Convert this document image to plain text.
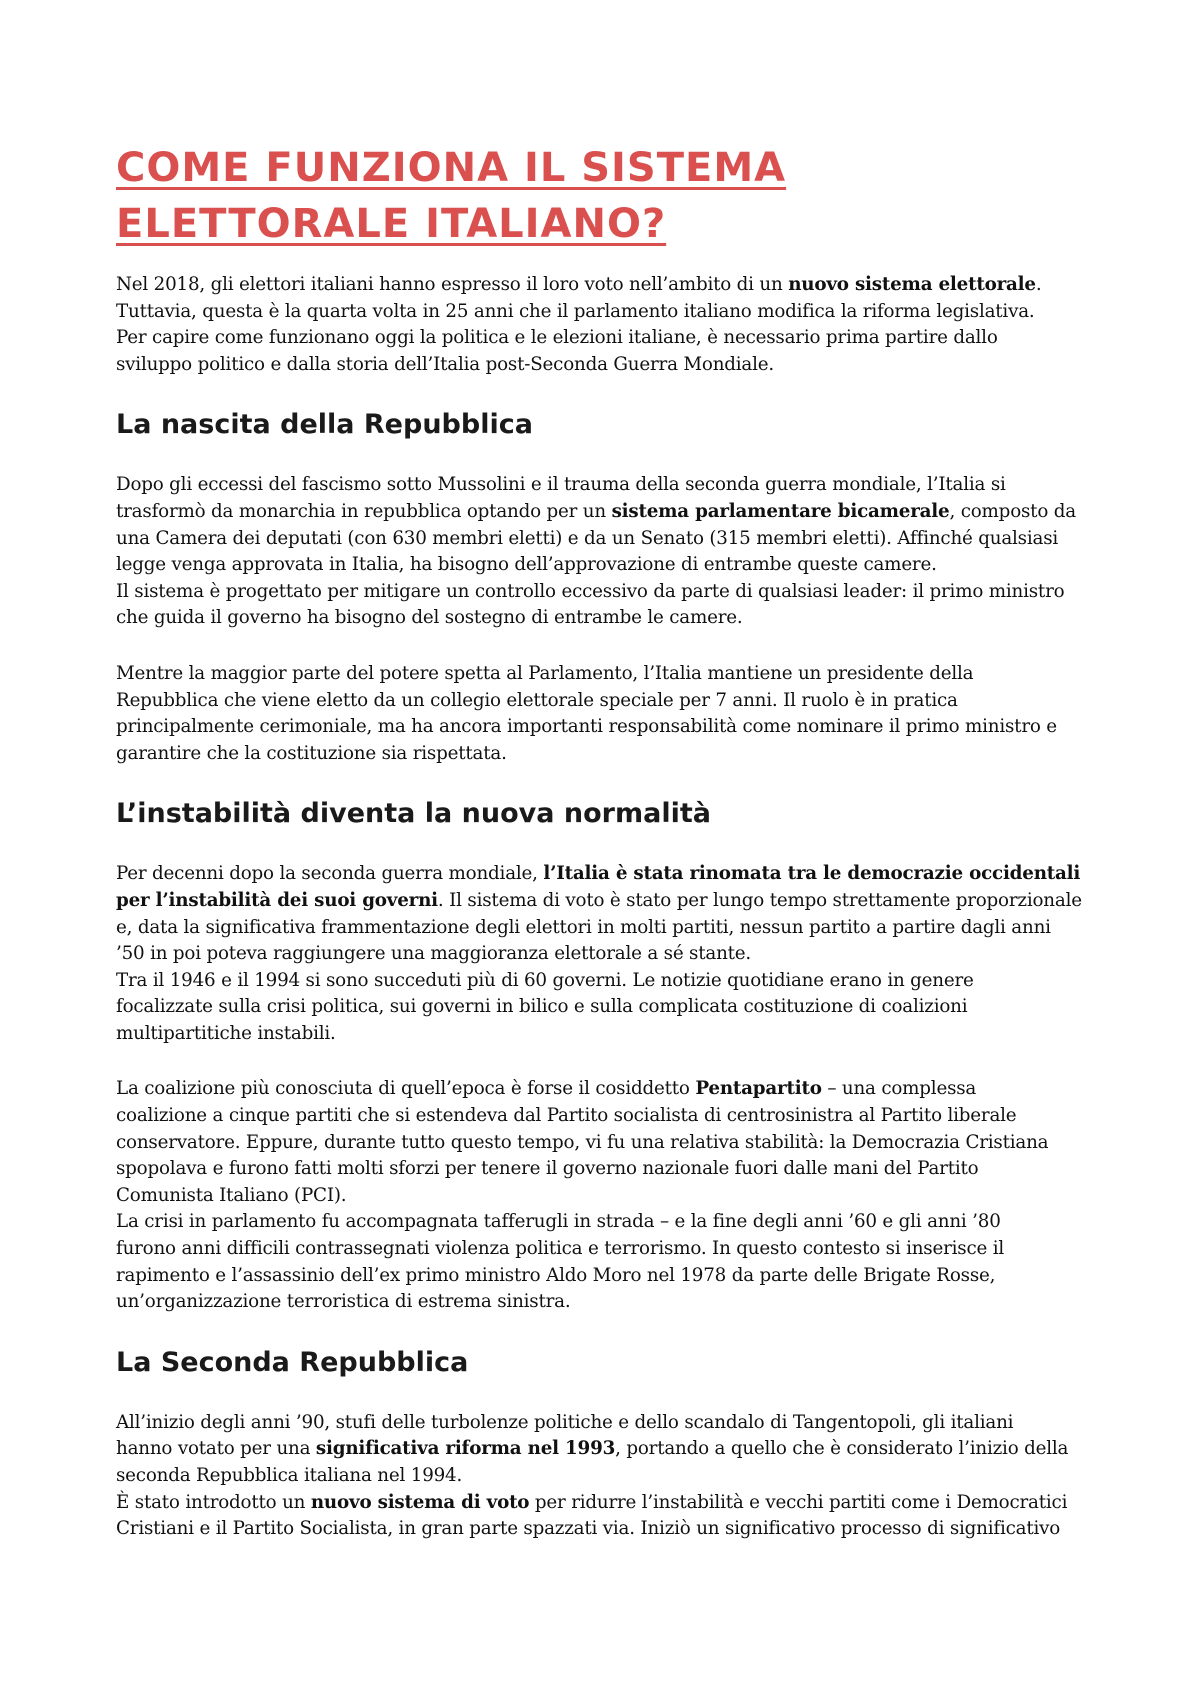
COME FUNZIONA IL SISTEMA
ELETTORALE ITALIANO?

Nel 2018, gli elettori italiani hanno espresso il loro voto nell’ambito di un nuovo sistema elettorale.
Tuttavia, questa è la quarta volta in 25 anni che il parlamento italiano modifica la riforma legislativa.
Per capire come funzionano oggi la politica e le elezioni italiane, è necessario prima partire dallo
sviluppo politico e dalla storia dell’Italia post-Seconda Guerra Mondiale.

La nascita della Repubblica

Dopo gli eccessi del fascismo sotto Mussolini e il trauma della seconda guerra mondiale, l’Italia si
trasformò da monarchia in repubblica optando per un sistema parlamentare bicamerale, composto da
una Camera dei deputati (con 630 membri eletti) e da un Senato (315 membri eletti). Affinché qualsiasi
legge venga approvata in Italia, ha bisogno dell’approvazione di entrambe queste camere.
Il sistema è progettato per mitigare un controllo eccessivo da parte di qualsiasi leader: il primo ministro
che guida il governo ha bisogno del sostegno di entrambe le camere.

Mentre la maggior parte del potere spetta al Parlamento, l’Italia mantiene un presidente della
Repubblica che viene eletto da un collegio elettorale speciale per 7 anni. Il ruolo è in pratica
principalmente cerimoniale, ma ha ancora importanti responsabilità come nominare il primo ministro e
garantire che la costituzione sia rispettata.

L’instabilità diventa la nuova normalità

Per decenni dopo la seconda guerra mondiale, l’Italia è stata rinomata tra le democrazie occidentali
per l’instabilità dei suoi governi. Il sistema di voto è stato per lungo tempo strettamente proporzionale
e, data la significativa frammentazione degli elettori in molti partiti, nessun partito a partire dagli anni
’50 in poi poteva raggiungere una maggioranza elettorale a sé stante.
Tra il 1946 e il 1994 si sono succeduti più di 60 governi. Le notizie quotidiane erano in genere
focalizzate sulla crisi politica, sui governi in bilico e sulla complicata costituzione di coalizioni
multipartitiche instabili.

La coalizione più conosciuta di quell’epoca è forse il cosiddetto Pentapartito – una complessa
coalizione a cinque partiti che si estendeva dal Partito socialista di centrosinistra al Partito liberale
conservatore. Eppure, durante tutto questo tempo, vi fu una relativa stabilità: la Democrazia Cristiana
spopolava e furono fatti molti sforzi per tenere il governo nazionale fuori dalle mani del Partito
Comunista Italiano (PCI).
La crisi in parlamento fu accompagnata tafferugli in strada – e la fine degli anni ’60 e gli anni ’80
furono anni difficili contrassegnati violenza politica e terrorismo. In questo contesto si inserisce il
rapimento e l’assassinio dell’ex primo ministro Aldo Moro nel 1978 da parte delle Brigate Rosse,
un’organizzazione terroristica di estrema sinistra.

La Seconda Repubblica

All’inizio degli anni ’90, stufi delle turbolenze politiche e dello scandalo di Tangentopoli, gli italiani
hanno votato per una significativa riforma nel 1993, portando a quello che è considerato l’inizio della
seconda Repubblica italiana nel 1994.
È stato introdotto un nuovo sistema di voto per ridurre l’instabilità e vecchi partiti come i Democratici
Cristiani e il Partito Socialista, in gran parte spazzati via. Iniziò un significativo processo di significativo
